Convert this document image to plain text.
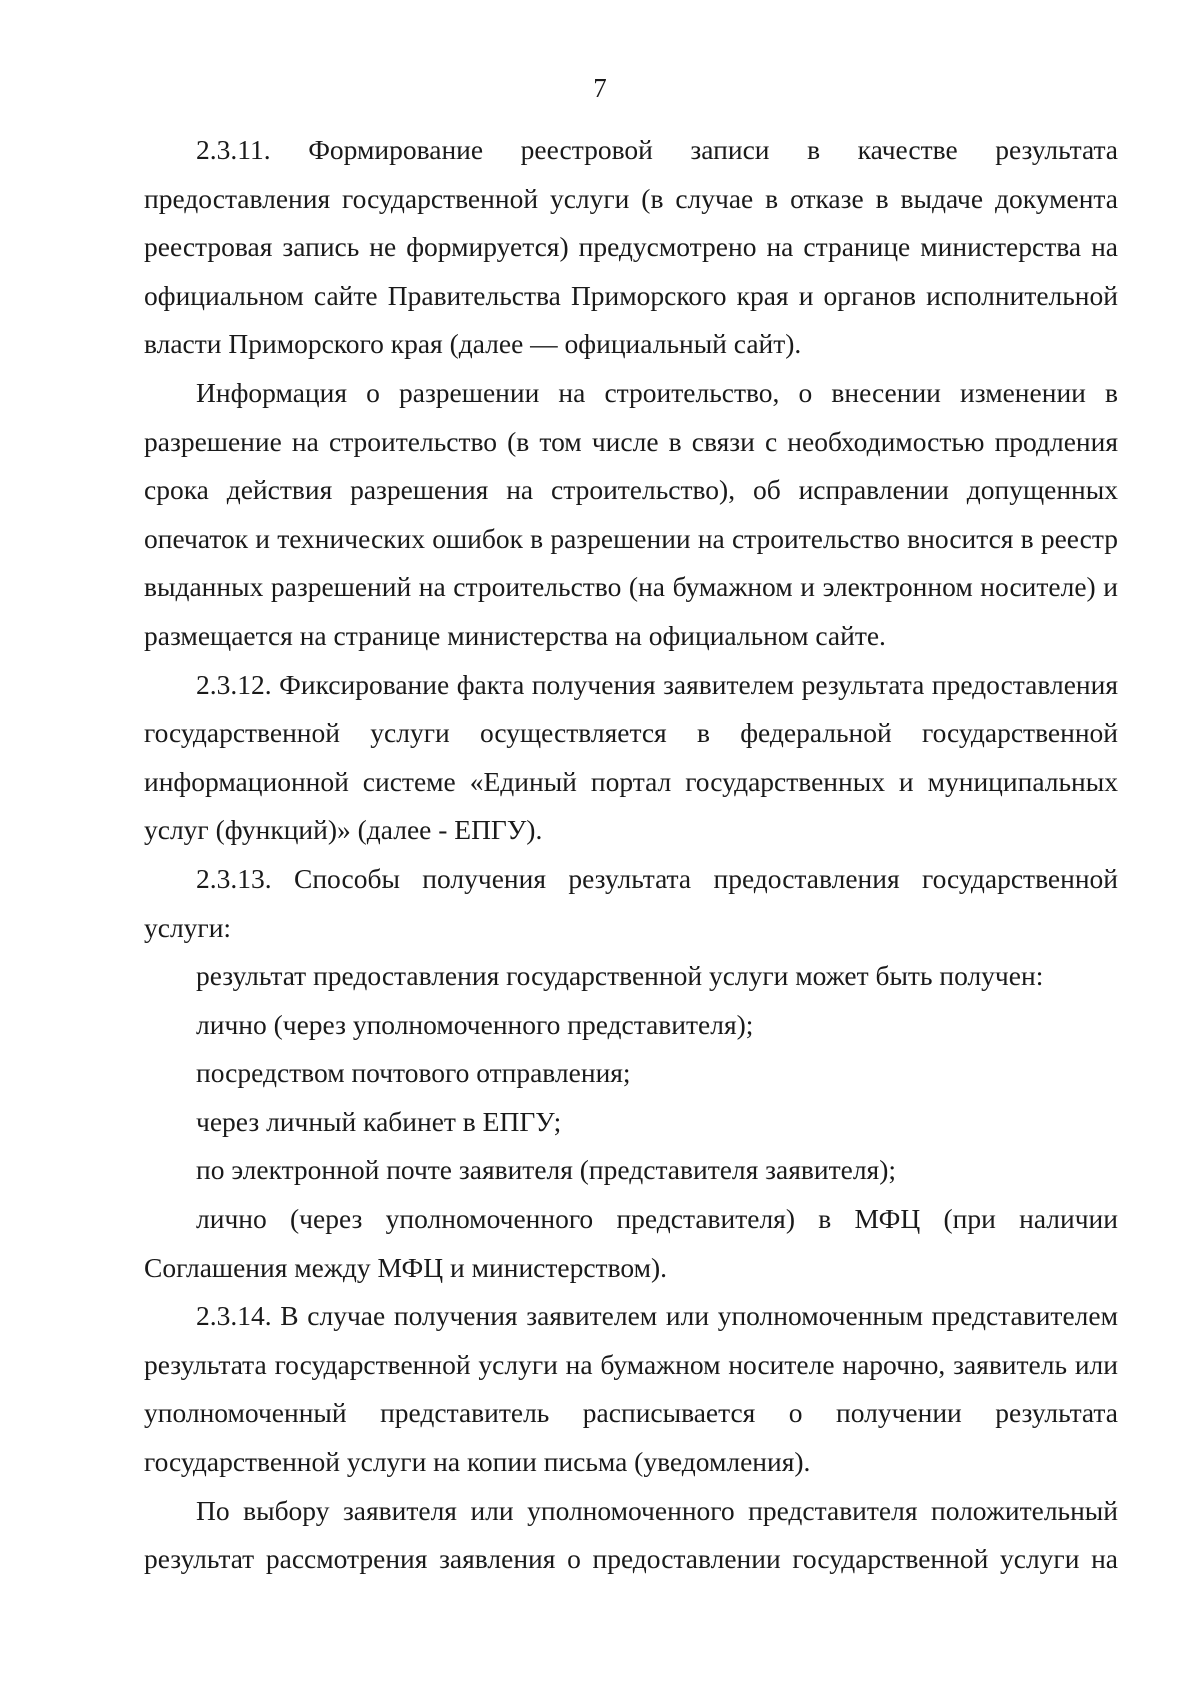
7

2.3.11. Формирование реестровой записи в качестве результата предоставления государственной услуги (в случае в отказе в выдаче документа реестровая запись не формируется) предусмотрено на странице министерства на официальном сайте Правительства Приморского края и органов исполнительной власти Приморского края (далее — официальный сайт).

Информация о разрешении на строительство, о внесении изменении в разрешение на строительство (в том числе в связи с необходимостью продления срока действия разрешения на строительство), об исправлении допущенных опечаток и технических ошибок в разрешении на строительство вносится в реестр выданных разрешений на строительство (на бумажном и электронном носителе) и размещается на странице министерства на официальном сайте.

2.3.12. Фиксирование факта получения заявителем результата предоставления государственной услуги осуществляется в федеральной государственной информационной системе «Единый портал государственных и муниципальных услуг (функций)» (далее - ЕПГУ).

2.3.13. Способы получения результата предоставления государственной услуги:

результат предоставления государственной услуги может быть получен:

лично (через уполномоченного представителя);

посредством почтового отправления;

через личный кабинет в ЕПГУ;

по электронной почте заявителя (представителя заявителя);

лично (через уполномоченного представителя) в МФЦ (при наличии Соглашения между МФЦ и министерством).

2.3.14. В случае получения заявителем или уполномоченным представителем результата государственной услуги на бумажном носителе нарочно, заявитель или уполномоченный представитель расписывается о получении результата государственной услуги на копии письма (уведомления).

По выбору заявителя или уполномоченного представителя положительный результат рассмотрения заявления о предоставлении государственной услуги на
